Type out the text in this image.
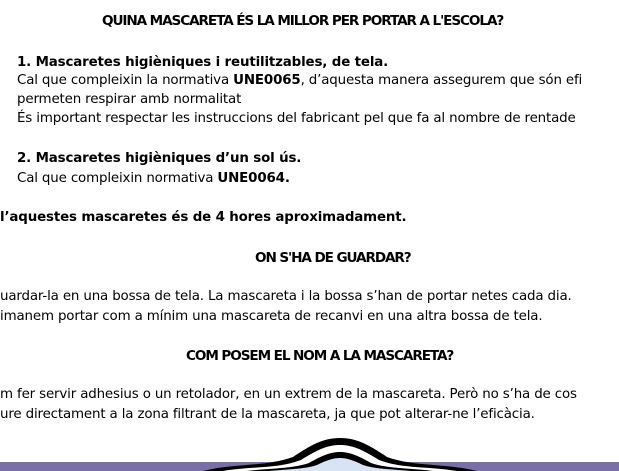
QUINA MASCARETA ÉS LA MILLOR PER PORTAR A L'ESCOLA?
1. Mascaretes higièniques i reutilitzables, de tela.
Cal que compleixin la normativa UNE0065, d’aquesta manera assegurem que són efi
permeten respirar amb normalitat
És important respectar les instruccions del fabricant pel que fa al nombre de rentade
2. Mascaretes higièniques d’un sol ús.
Cal que compleixin normativa UNE0064.
l’aquestes mascaretes és de 4 hores aproximadament.
ON S'HA DE GUARDAR?
uardar-la en una bossa de tela. La mascareta i la bossa s’han de portar netes cada dia.
imanem portar com a mínim una mascareta de recanvi en una altra bossa de tela.
COM POSEM EL NOM A LA MASCARETA?
m fer servir adhesius o un retolador, en un extrem de la mascareta. Però no s’ha de cos
ure directament a la zona filtrant de la mascareta, ja que pot alterar-ne l’eficàcia.
